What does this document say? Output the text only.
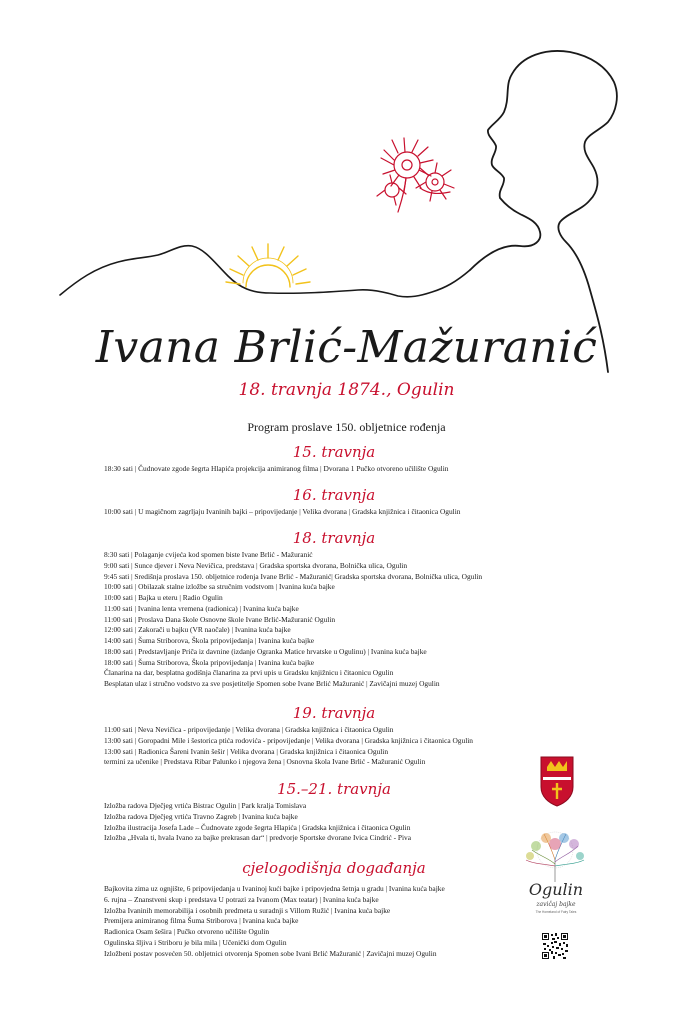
Ivana Brlić-Mažuranić
18. travnja 1874., Ogulin
Program proslave 150. obljetnice rođenja
15. travnja
18:30 sati | Čudnovate zgode šegrta Hlapića projekcija animiranog filma | Dvorana 1 Pučko otvoreno učilište Ogulin
16. travnja
10:00 sati | U magičnom zagrljaju Ivaninih bajki – pripovijedanje | Velika dvorana | Gradska knjižnica i čitaonica Ogulin
18. travnja
8:30 sati | Polaganje cvijeća kod spomen biste Ivane Brlić - Mažuranić
9:00 sati | Sunce djever i Neva Nevičica, predstava | Gradska sportska dvorana, Bolnička ulica, Ogulin
9:45 sati | Središnja proslava 150. obljetnice rođenja Ivane Brlić - Mažuranić| Gradska sportska dvorana, Bolnička ulica, Ogulin
10:00 sati | Obilazak stalne izložbe sa stručnim vodstvom | Ivanina kuća bajke
10:00 sati | Bajka u eteru | Radio Ogulin
11:00 sati | Ivanina lenta vremena (radionica) | Ivanina kuća bajke
11:00 sati | Proslava Dana škole Osnovne škole Ivane Brlić-Mažuranić Ogulin
12:00 sati | Zakorači u bajku (VR naočale) | Ivanina kuća bajke
14:00 sati | Šuma Striborova, Škola pripovijedanja | Ivanina kuća bajke
18:00 sati | Predstavljanje Priča iz davnine (izdanje Ogranka Matice hrvatske u Ogulinu) | Ivanina kuća bajke
18:00 sati | Šuma Striborova, Škola pripovijedanja | Ivanina kuća bajke
Članarina na dar, besplatna godišnja članarina za prvi upis u Gradsku knjižnicu i čitaonicu Ogulin
Besplatan ulaz i stručno vodstvo za sve posjetitelje Spomen sobe Ivane Brlić Mažuranić | Zavičajni muzej Ogulin
19. travnja
11:00 sati | Neva Nevičica - pripovijedanje | Velika dvorana | Gradska knjižnica i čitaonica Ogulin
13:00 sati | Goropadni Mile i šestorica ptića rodovića - pripovijedanje | Velika dvorana | Gradska knjižnica i čitaonica Ogulin
13:00 sati | Radionica Šareni Ivanin šešir | Velika dvorana | Gradska knjižnica i čitaonica Ogulin
termini za učenike | Predstava Ribar Palunko i njegova žena | Osnovna škola Ivane Brlić - Mažuranić Ogulin
15.–21. travnja
Izložba radova Dječjeg vrtića Bistrac Ogulin | Park kralja Tomislava
Izložba radova Dječjeg vrtića Travno Zagreb | Ivanina kuća bajke
Izložba ilustracija Josefa Lade – Čudnovate zgode šegrta Hlapića | Gradska knjižnica i čitaonica Ogulin
Izložba „Hvala ti, hvala Ivano za bajke prekrasan dar“ | predvorje Sportske dvorane Ivica Cindrić - Piva
cjelogodišnja događanja
Bajkovita zima uz ognjište, 6 pripovijedanja u Ivaninoj kući bajke i pripovjedna šetnja u gradu | Ivanina kuća bajke
6. rujna – Znanstveni skup i predstava U potrazi za Ivanom (Max teatar) | Ivanina kuća bajke
Izložba Ivaninih memorabilija i osobnih predmeta u suradnji s Villom Ružić | Ivanina kuća bajke
Premijera animiranog filma Šuma Striborova | Ivanina kuća bajke
Radionica Osam šešira | Pučko otvoreno učilište Ogulin
Ogulinska šljiva i Striboru je bila mila | Učenički dom Ogulin
Izložbeni postav posvećen 50. obljetnici otvorenja Spomen sobe Ivani Brlić Mažuranić | Zavičajni muzej Ogulin
Ogulin
zavičaj bajke
The Homeland of Fairy Tales
